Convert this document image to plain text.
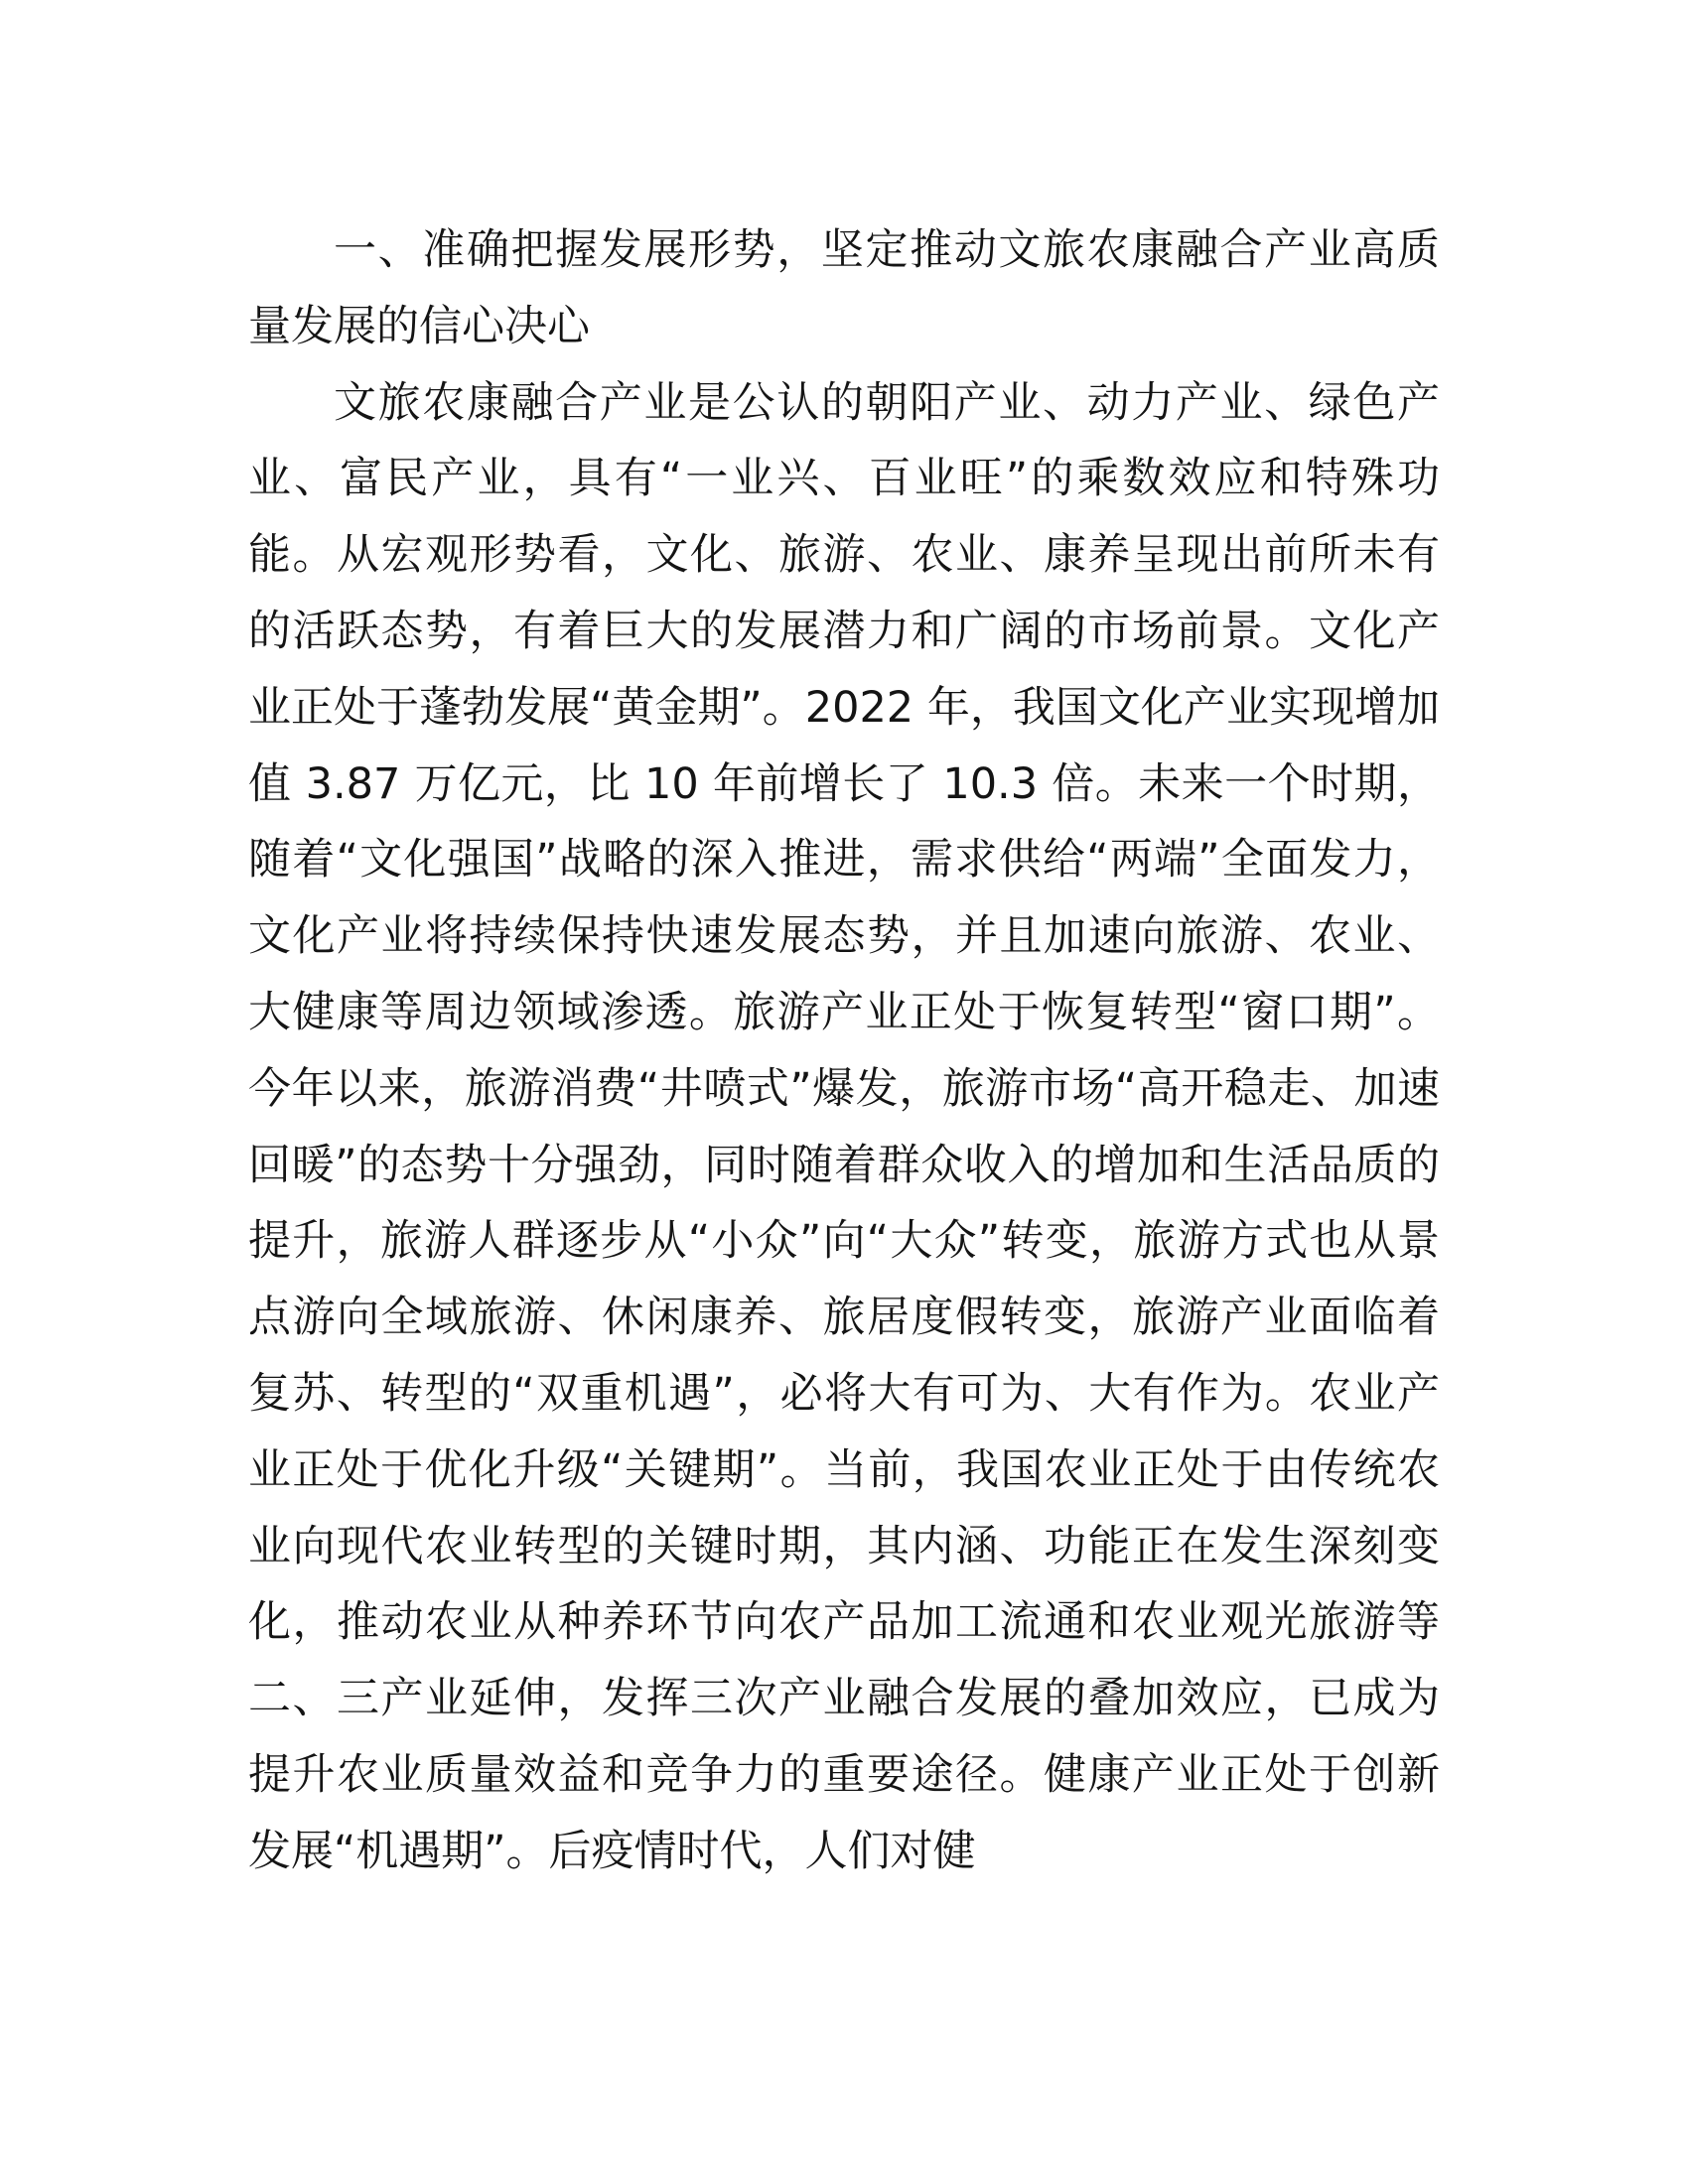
一、准确把握发展形势，坚定推动文旅农康融合产业高质量发展的信心决心

文旅农康融合产业是公认的朝阳产业、动力产业、绿色产业、富民产业，具有“一业兴、百业旺”的乘数效应和特殊功能。从宏观形势看，文化、旅游、农业、康养呈现出前所未有的活跃态势，有着巨大的发展潜力和广阔的市场前景。文化产业正处于蓬勃发展“黄金期”。2022 年，我国文化产业实现增加值 3.87 万亿元，比 10 年前增长了 10.3 倍。未来一个时期，随着“文化强国”战略的深入推进，需求供给“两端”全面发力，文化产业将持续保持快速发展态势，并且加速向旅游、农业、大健康等周边领域渗透。旅游产业正处于恢复转型“窗口期”。今年以来，旅游消费“井喷式”爆发，旅游市场“高开稳走、加速回暖”的态势十分强劲，同时随着群众收入的增加和生活品质的提升，旅游人群逐步从“小众”向“大众”转变，旅游方式也从景点游向全域旅游、休闲康养、旅居度假转变，旅游产业面临着复苏、转型的“双重机遇”，必将大有可为、大有作为。农业产业正处于优化升级“关键期”。当前，我国农业正处于由传统农业向现代农业转型的关键时期，其内涵、功能正在发生深刻变化，推动农业从种养环节向农产品加工流通和农业观光旅游等二、三产业延伸，发挥三次产业融合发展的叠加效应，已成为提升农业质量效益和竞争力的重要途径。健康产业正处于创新发展“机遇期”。后疫情时代，人们对健
